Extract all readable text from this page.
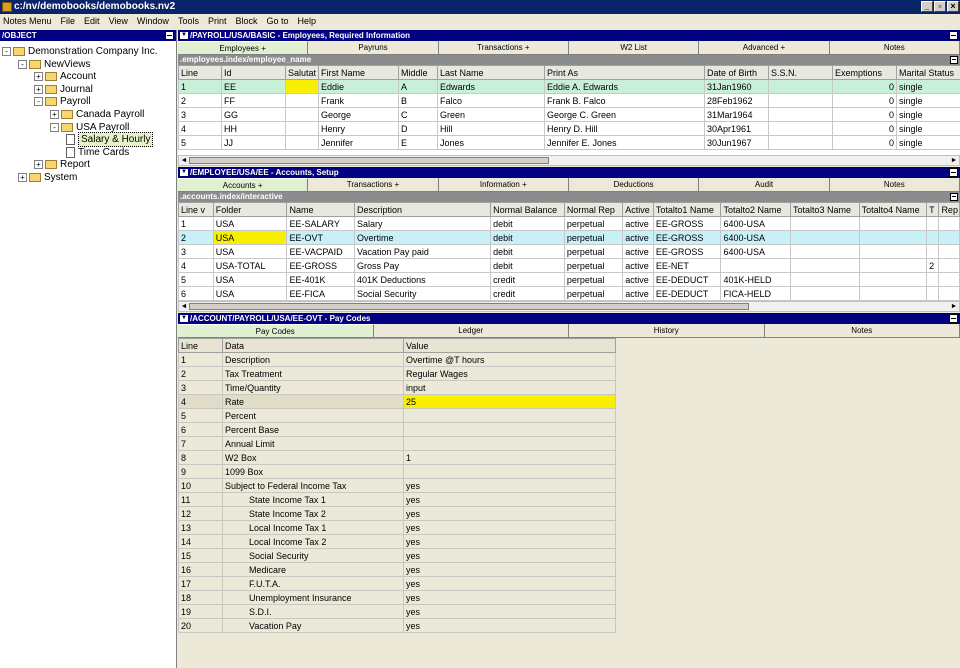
c:/nv/demobooks/demobooks.nv2	_ ▫ ×
Notes Menu File Edit View Window Tools Print Block Go to Help
/OBJECT
-	Demonstration Company Inc.
-	NewViews
+ Account
+ Journal
-	Payroll
+ Canada Payroll
-	USA Payroll
Salary & Hourly
Time Cards
+ Report
+ System
▼ /PAYROLL/USA/BASIC - Employees, Required Information
Employees +	Payruns	Transactions +	W2 List	Advanced +	Notes
.employees.index/employee_name
Line	Id	Salutat	First Name	Middle	Last Name	Print As	Date of Birth	S.S.N.	Exemptions	Marital Status
1	EE		Eddie	A	Edwards	Eddie A. Edwards	31Jan1960		0	single
2	FF		Frank	B	Falco	Frank B. Falco	28Feb1962		0	single
3	GG		George	C	Green	George C. Green	31Mar1964		0	single
4	HH		Henry	D	Hill	Henry D. Hill	30Apr1961		0	single
5	JJ		Jennifer	E	Jones	Jennifer E. Jones	30Jun1967		0	single
◄	►
▼ /EMPLOYEE/USA/EE - Accounts, Setup
Accounts +	Transactions +	Information +	Deductions	Audit	Notes
.accounts.index/interactive
Line v	Folder	Name	Description	Normal Balance	Normal Rep	Active	Totalto1 Name	Totalto2 Name	Totalto3 Name	Totalto4 Name	T	Rep
1	USA	EE-SALARY	Salary	debit	perpetual	active	EE-GROSS	6400-USA				
2	USA	EE-OVT	Overtime	debit	perpetual	active	EE-GROSS	6400-USA				
3	USA	EE-VACPAID	Vacation Pay paid	debit	perpetual	active	EE-GROSS	6400-USA				
4	USA-TOTAL	EE-GROSS	Gross Pay	debit	perpetual	active	EE-NET				2	
5	USA	EE-401K	401K Deductions	credit	perpetual	active	EE-DEDUCT	401K-HELD				
6	USA	EE-FICA	Social Security	credit	perpetual	active	EE-DEDUCT	FICA-HELD				
◄	►
▼ /ACCOUNT/PAYROLL/USA/EE-OVT - Pay Codes
Pay Codes	Ledger	History	Notes
Line	Data	Value
1	Description	Overtime @T hours
2	Tax Treatment	Regular Wages
3	Time/Quantity	input
4	Rate	25
5	Percent	
6	Percent Base	
7	Annual Limit	
8	W2 Box	1
9	1099 Box	
10	Subject to Federal Income Tax	yes
11	State Income Tax 1	yes
12	State Income Tax 2	yes
13	Local Income Tax 1	yes
14	Local Income Tax 2	yes
15	Social Security	yes
16	Medicare	yes
17	F.U.T.A.	yes
18	Unemployment Insurance	yes
19	S.D.I.	yes
20	Vacation Pay	yes
